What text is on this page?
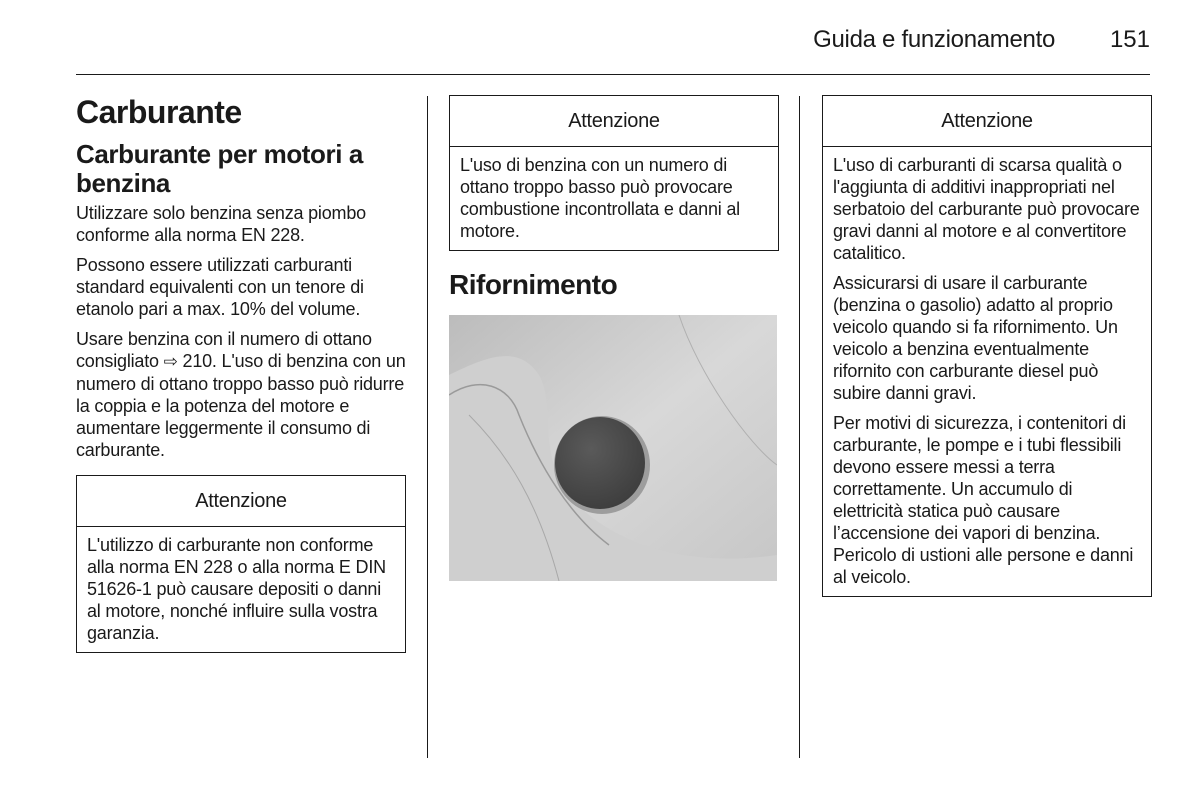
Guida e funzionamento	151
Carburante
Carburante per motori a benzina

Utilizzare solo benzina senza piombo conforme alla norma EN 228.

Possono essere utilizzati carburanti standard equivalenti con un tenore di etanolo pari a max. 10% del volume.

Usare benzina con il numero di ottano consigliato ⇨ 210. L'uso di benzina con un numero di ottano troppo basso può ridurre la coppia e la potenza del motore e aumentare leggermente il consumo di carburante.

Attenzione

L'utilizzo di carburante non conforme alla norma EN 228 o alla norma E DIN 51626-1 può causare depositi o danni al motore, nonché influire sulla vostra garanzia.

Attenzione

L'uso di benzina con un numero di ottano troppo basso può provocare combustione incontrollata e danni al motore.

Rifornimento
Attenzione

L'uso di carburanti di scarsa qualità o l'aggiunta di additivi inappropriati nel serbatoio del carburante può provocare gravi danni al motore e al convertitore catalitico.

Assicurarsi di usare il carburante (benzina o gasolio) adatto al proprio veicolo quando si fa rifornimento. Un veicolo a benzina eventualmente rifornito con carburante diesel può subire danni gravi.

Per motivi di sicurezza, i contenitori di carburante, le pompe e i tubi flessibili devono essere messi a terra correttamente. Un accumulo di elettricità statica può causare l’accensione dei vapori di benzina. Pericolo di ustioni alle persone e danni al veicolo.
